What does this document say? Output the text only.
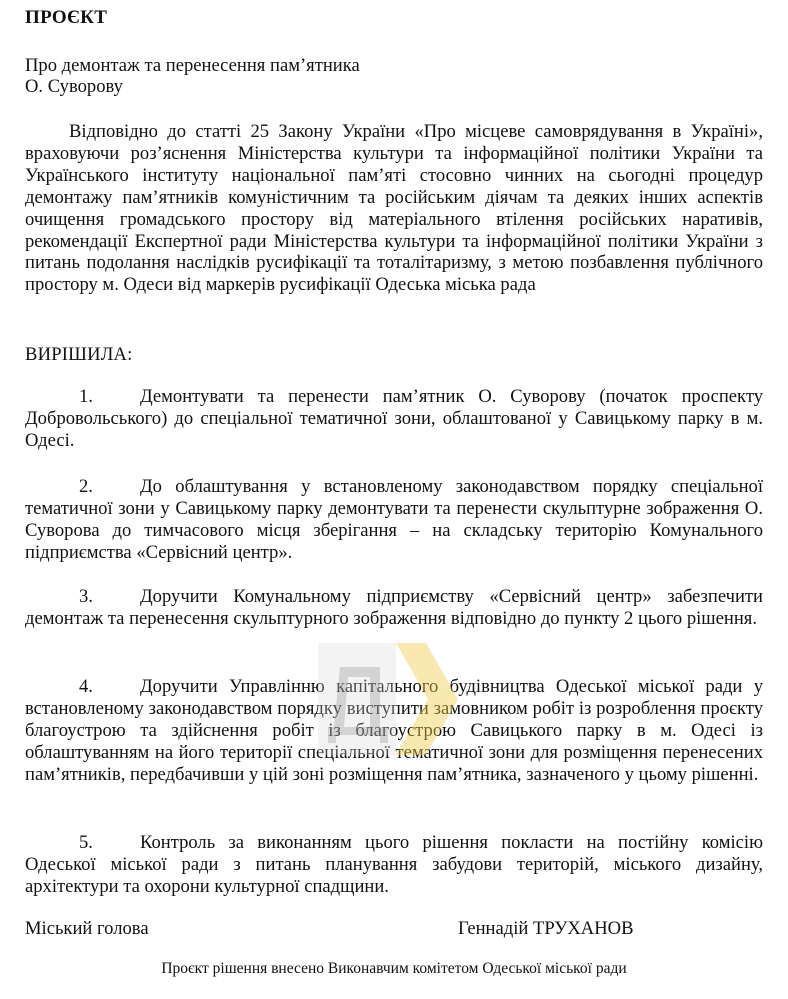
ПРОЄКТ
Про демонтаж та перенесення пам’ятника
О. Суворову
Відповідно до статті 25 Закону України «Про місцеве самоврядування в Україні», враховуючи роз’яснення Міністерства культури та інформаційної політики України та Українського інституту національної пам’яті стосовно чинних на сьогодні процедур демонтажу пам’ятників комуністичним та російським діячам та деяких інших аспектів очищення громадського простору від матеріального втілення російських наративів, рекомендації Експертної ради Міністерства культури та інформаційної політики України з питань подолання наслідків русифікації та тоталітаризму, з метою позбавлення публічного простору м. Одеси від маркерів русифікації Одеська міська рада
ВИРІШИЛА:
1.	Демонтувати та перенести пам’ятник О. Суворову (початок проспекту Добровольського) до спеціальної тематичної зони, облаштованої у Савицькому парку в м. Одесі.
2.	До облаштування у встановленому законодавством порядку спеціальної тематичної зони у Савицькому парку демонтувати та перенести скульптурне зображення О. Суворова до тимчасового місця зберігання – на складську територію Комунального підприємства «Сервісний центр».
3.	Доручити Комунальному підприємству «Сервісний центр» забезпечити демонтаж та перенесення скульптурного зображення відповідно до пункту 2 цього рішення.
4.	Доручити Управлінню капітального будівництва Одеської міської ради у встановленому законодавством порядку виступити замовником робіт із розроблення проєкту благоустрою та здійснення робіт із благоустрою Савицького парку в м. Одесі із облаштуванням на його території спеціальної тематичної зони для розміщення перенесених пам’ятників, передбачивши у цій зоні розміщення пам’ятника, зазначеного у цьому рішенні.
5.	Контроль за виконанням цього рішення покласти на постійну комісію Одеської міської ради з питань планування забудови територій, міського дизайну, архітектури та охорони культурної спадщини.
Міський голова	Геннадій ТРУХАНОВ
Проєкт рішення внесено Виконавчим комітетом Одеської міської ради
